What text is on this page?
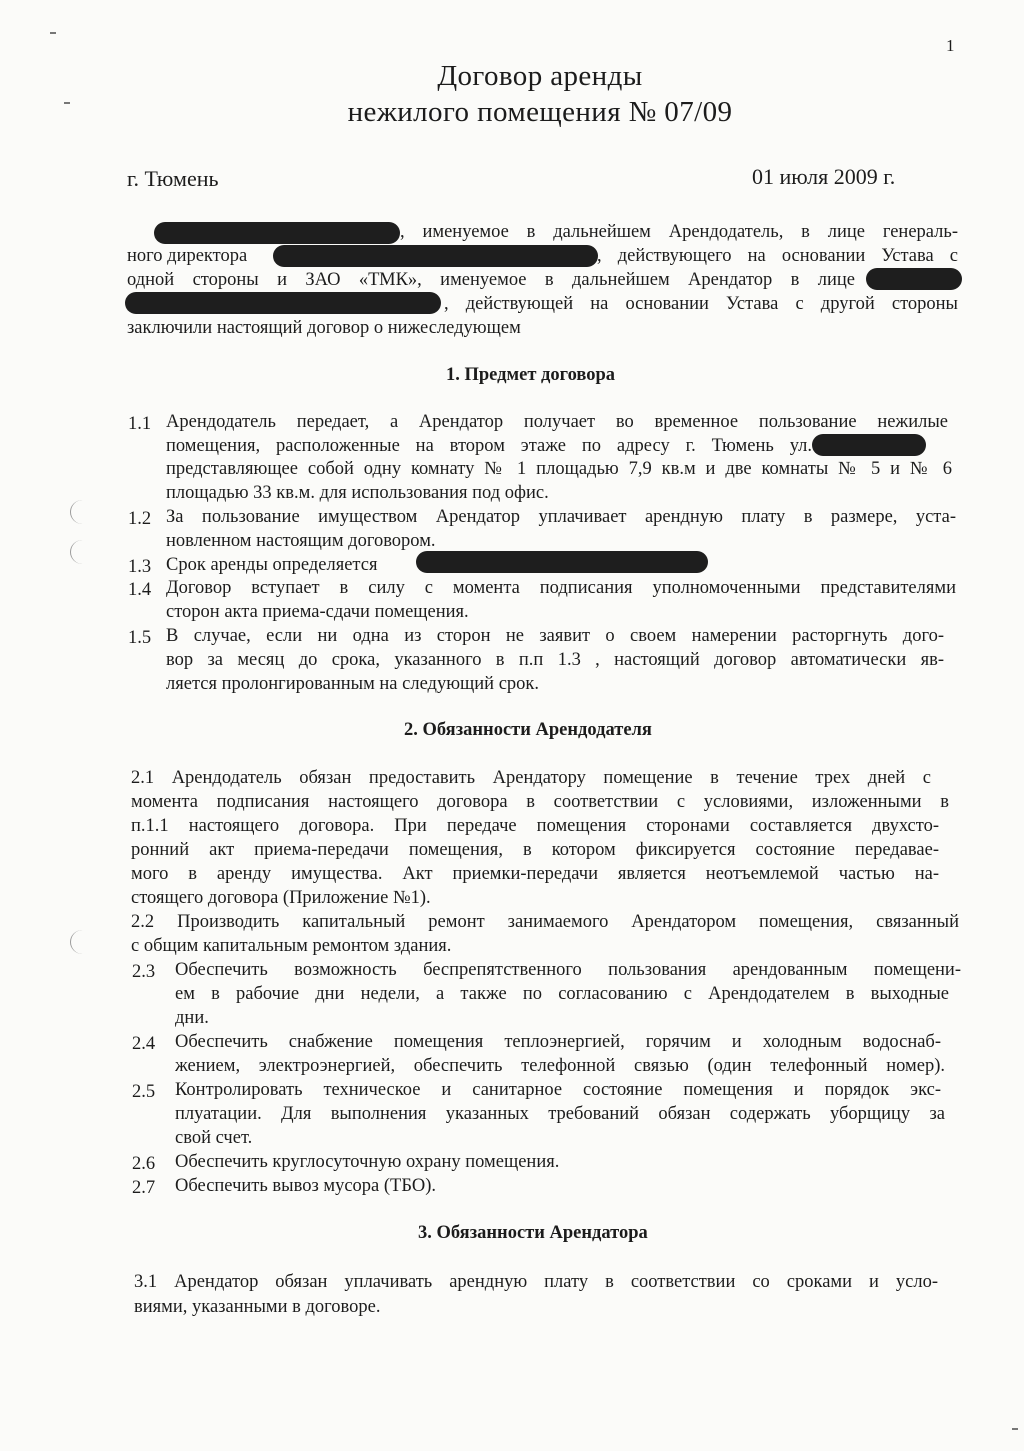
1
Договор аренды
нежилого помещения № 07/09
г. Тюмень	01 июля 2009 г.
, именуемое в дальнейшем Арендодатель, в лице генераль-
ного директора	, действующего на основании Устава с
одной стороны и ЗАО «ТМК», именуемое в дальнейшем Арендатор в лице
, действующей на основании Устава с другой стороны
заключили настоящий договор о нижеследующем
1. Предмет договора
1.1 Арендодатель передает, а Арендатор получает во временное пользование нежилые
помещения, расположенные на втором этаже по адресу г. Тюмень ул.
представляющее собой одну комнату № 1 площадью 7,9 кв.м и две комнаты № 5 и № 6
площадью 33 кв.м. для использования под офис.
1.2 За пользование имуществом Арендатор уплачивает арендную плату в размере, уста-
новленном настоящим договором.
1.3 Срок аренды определяется
1.4 Договор вступает в силу с момента подписания уполномоченными представителями
сторон акта приема-сдачи помещения.
1.5 В случае, если ни одна из сторон не заявит о своем намерении расторгнуть дого-
вор за месяц до срока, указанного в п.п 1.3 , настоящий договор автоматически яв-
ляется пролонгированным на следующий срок.
2. Обязанности Арендодателя
2.1 Арендодатель обязан предоставить Арендатору помещение в течение трех дней с
момента подписания настоящего договора в соответствии с условиями, изложенными в
п.1.1 настоящего договора. При передаче помещения сторонами составляется двухсто-
ронний акт приема-передачи помещения, в котором фиксируется состояние передавае-
мого в аренду имущества. Акт приемки-передачи является неотъемлемой частью на-
стоящего договора (Приложение №1).
2.2 Производить капитальный ремонт занимаемого Арендатором помещения, связанный
с общим капитальным ремонтом здания.
2.3 Обеспечить возможность беспрепятственного пользования арендованным помещени-
ем в рабочие дни недели, а также по согласованию с Арендодателем в выходные
дни.
2.4 Обеспечить снабжение помещения теплоэнергией, горячим и холодным водоснаб-
жением, электроэнергией, обеспечить телефонной связью (один телефонный номер).
2.5 Контролировать техническое и санитарное состояние помещения и порядок экс-
плуатации. Для выполнения указанных требований обязан содержать уборщицу за
свой счет.
2.6 Обеспечить круглосуточную охрану помещения.
2.7 Обеспечить вывоз мусора (ТБО).
3. Обязанности Арендатора
3.1 Арендатор обязан уплачивать арендную плату в соответствии со сроками и усло-
виями, указанными в договоре.
